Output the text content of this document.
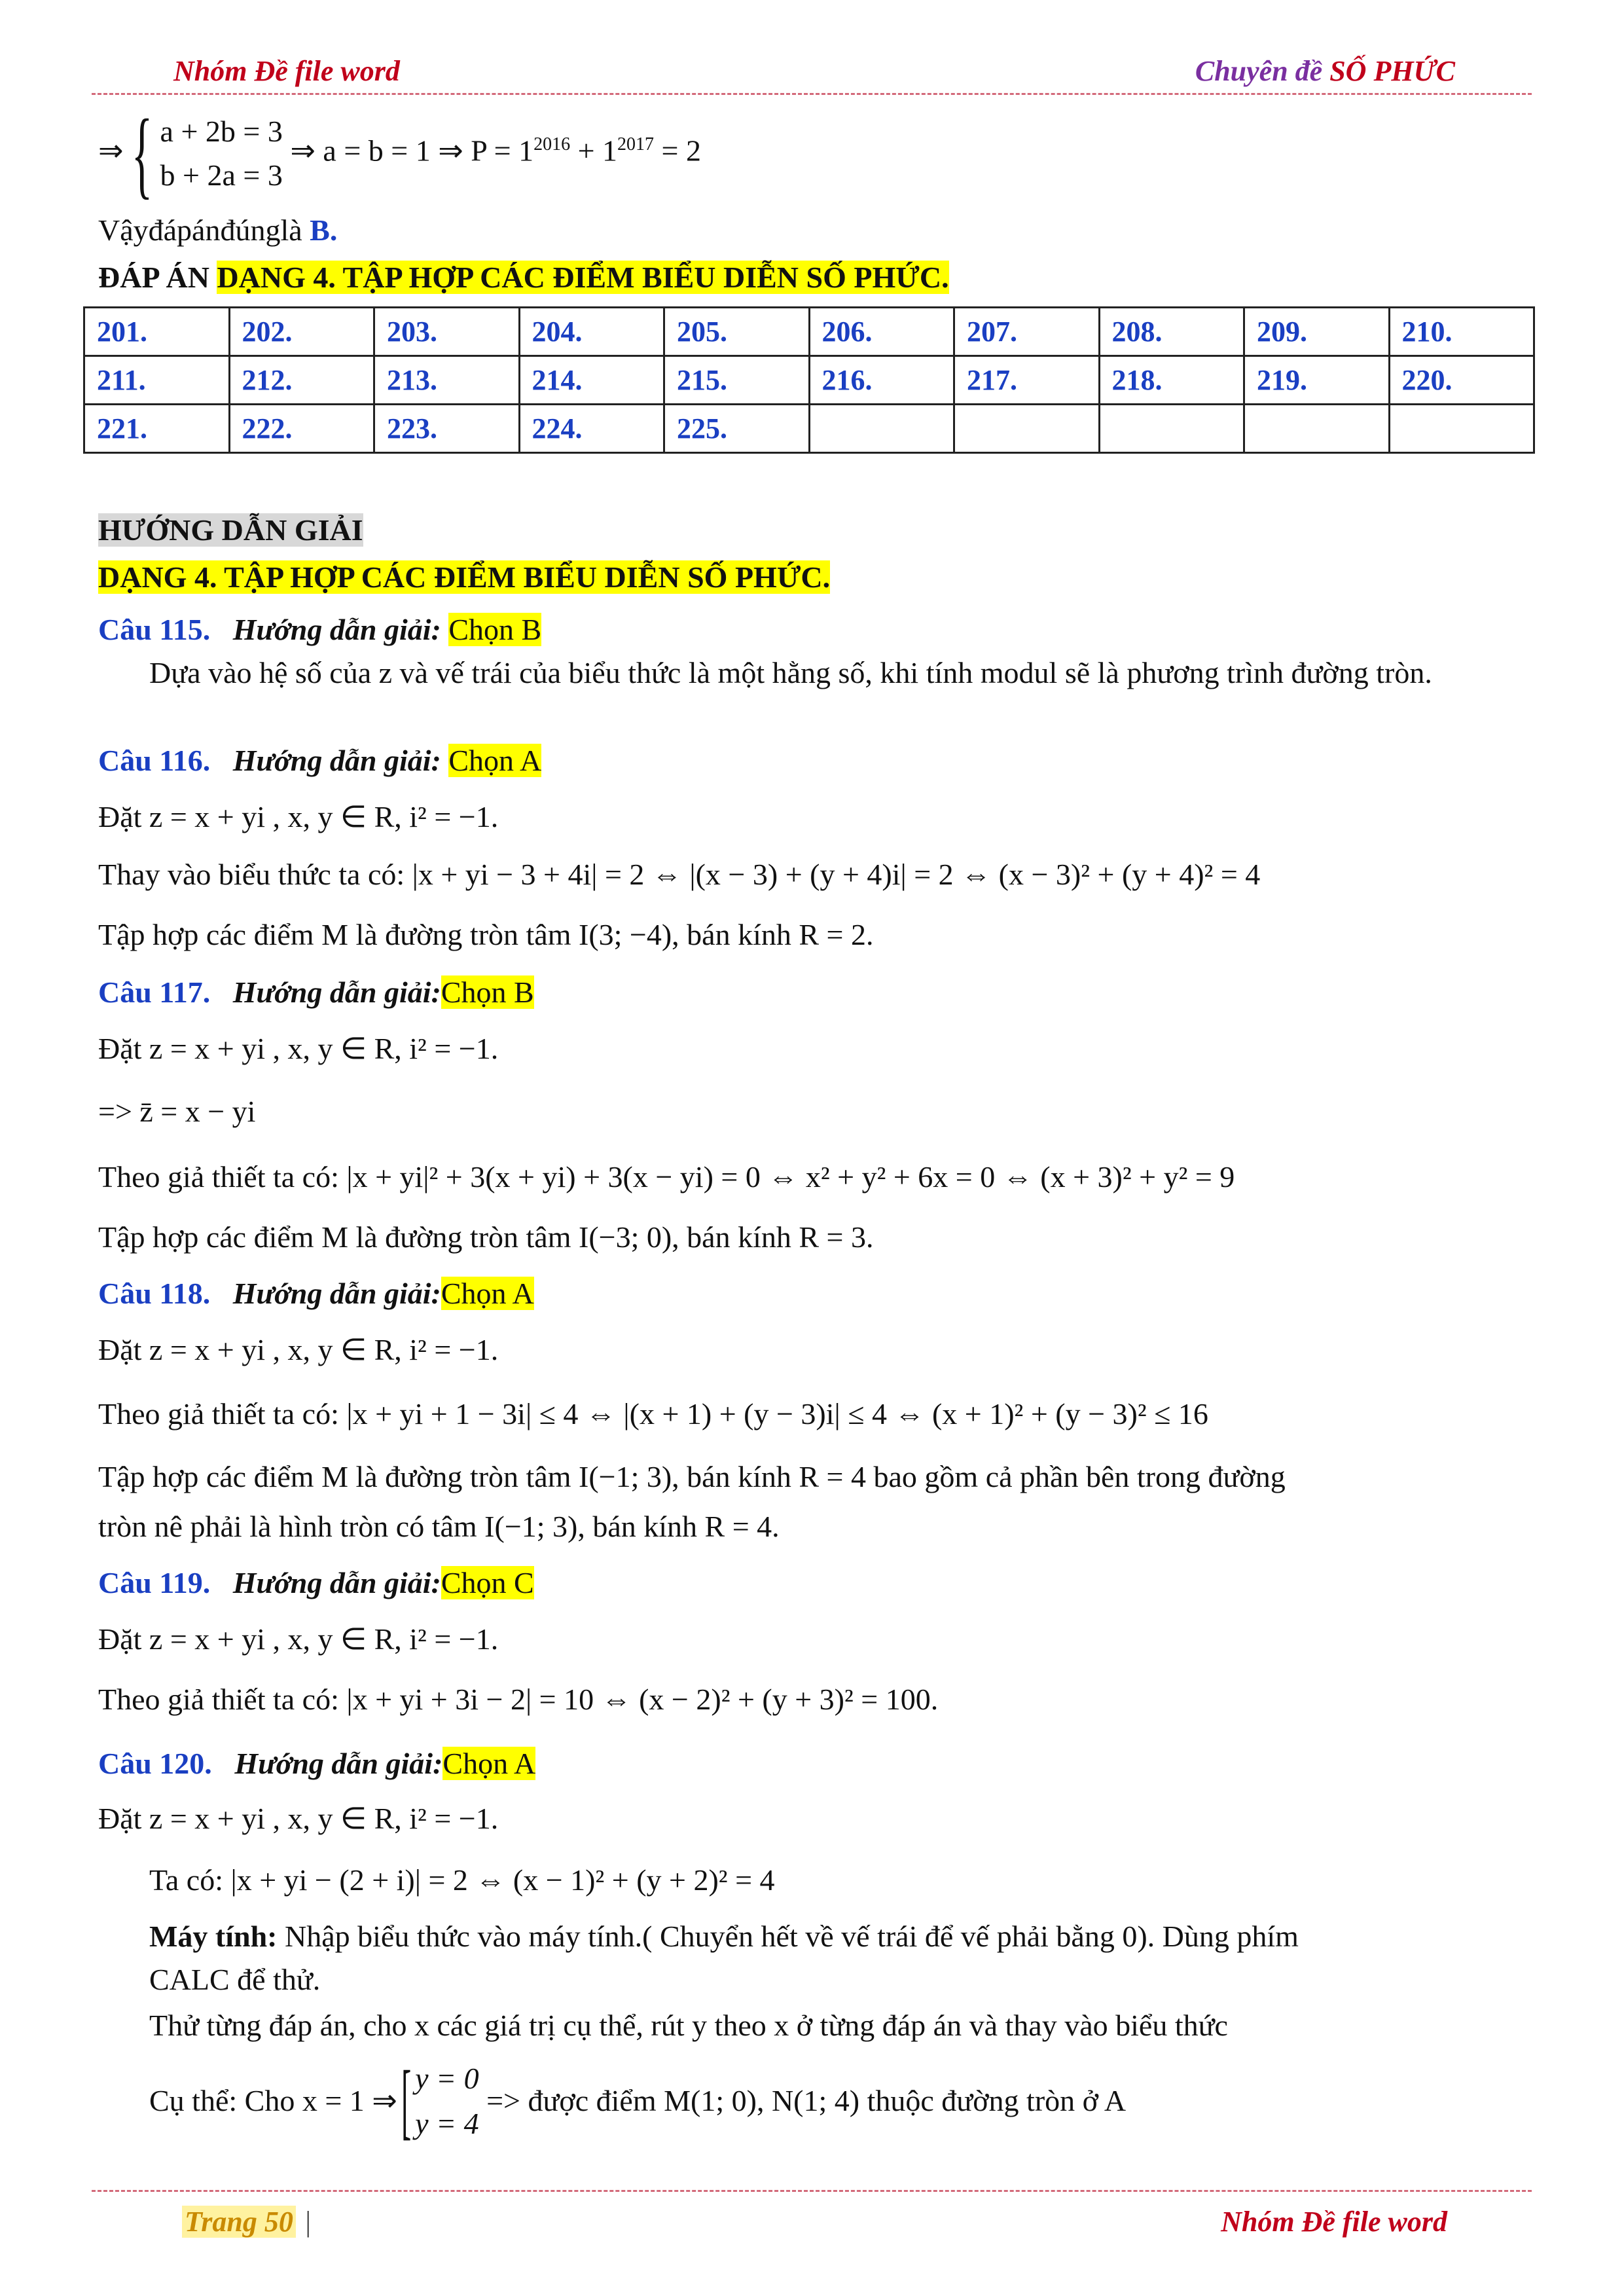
Nhóm Đề file word	Chuyên đề SỐ PHỨC
⇒{ a + 2b = 3
b + 2a = 3 ⇒ a = b = 1 ⇒ $P = 1^{2016} + 1^{2017} = 2$
Vậyđápánđúnglà B.
ĐÁP ÁN DẠNG 4. TẬP HỢP CÁC ĐIỂM BIỂU DIỄN SỐ PHỨC.
201.	202.	203.	204.	205.	206.	207.	208.	209.	210.
211.	212.	213.	214.	215.	216.	217.	218.	219.	220.
221.	222.	223.	224.	225.					
HƯỚNG DẪN GIẢI
DẠNG 4. TẬP HỢP CÁC ĐIỂM BIỂU DIỄN SỐ PHỨC.
Câu 115. Hướng dẫn giải: Chọn B
Dựa vào hệ số của z và vế trái của biểu thức là một hằng số, khi tính modul sẽ là phương trình đường tròn.
Câu 116. Hướng dẫn giải: Chọn A
Đặt z = x + yi , x, y ∈ R, i² = −1.
Thay vào biểu thức ta có: |x + yi − 3 + 4i| = 2 ⇔ |(x − 3) + (y + 4)i| = 2 ⇔ (x − 3)² + (y + 4)² = 4
Tập hợp các điểm M là đường tròn tâm I(3; −4), bán kính R = 2.
Câu 117. Hướng dẫn giải:Chọn B
Đặt z = x + yi , x, y ∈ R, i² = −1.
=> z̄ = x − yi
Theo giả thiết ta có: |x + yi|² + 3(x + yi) + 3(x − yi) = 0 ⇔ x² + y² + 6x = 0 ⇔ (x + 3)² + y² = 9
Tập hợp các điểm M là đường tròn tâm I(−3; 0), bán kính R = 3.
Câu 118. Hướng dẫn giải:Chọn A
Đặt z = x + yi , x, y ∈ R, i² = −1.
Theo giả thiết ta có: |x + yi + 1 − 3i| ≤ 4 ⇔ |(x + 1) + (y − 3)i| ≤ 4 ⇔ (x + 1)² + (y − 3)² ≤ 16
Tập hợp các điểm M là đường tròn tâm I(−1; 3), bán kính R = 4 bao gồm cả phần bên trong đường
tròn nê phải là hình tròn có tâm I(−1; 3), bán kính R = 4.
Câu 119. Hướng dẫn giải:Chọn C
Đặt z = x + yi , x, y ∈ R, i² = −1.
Theo giả thiết ta có: |x + yi + 3i − 2| = 10 ⇔ (x − 2)² + (y + 3)² = 100.
Câu 120. Hướng dẫn giải:Chọn A
Đặt z = x + yi , x, y ∈ R, i² = −1.
Ta có: |x + yi − (2 + i)| = 2 ⇔ (x − 1)² + (y + 2)² = 4
Máy tính: Nhập biểu thức vào máy tính.( Chuyển hết về vế trái để vế phải bằng 0). Dùng phím
CALC để thử.
Thử từng đáp án, cho x các giá trị cụ thể, rút y theo x ở từng đáp án và thay vào biểu thức
Cụ thể: Cho x = 1 ⇒[ y = 0
y = 4 => được điểm M(1; 0), N(1; 4) thuộc đường tròn ở A
Trang 50 |	Nhóm Đề file word
